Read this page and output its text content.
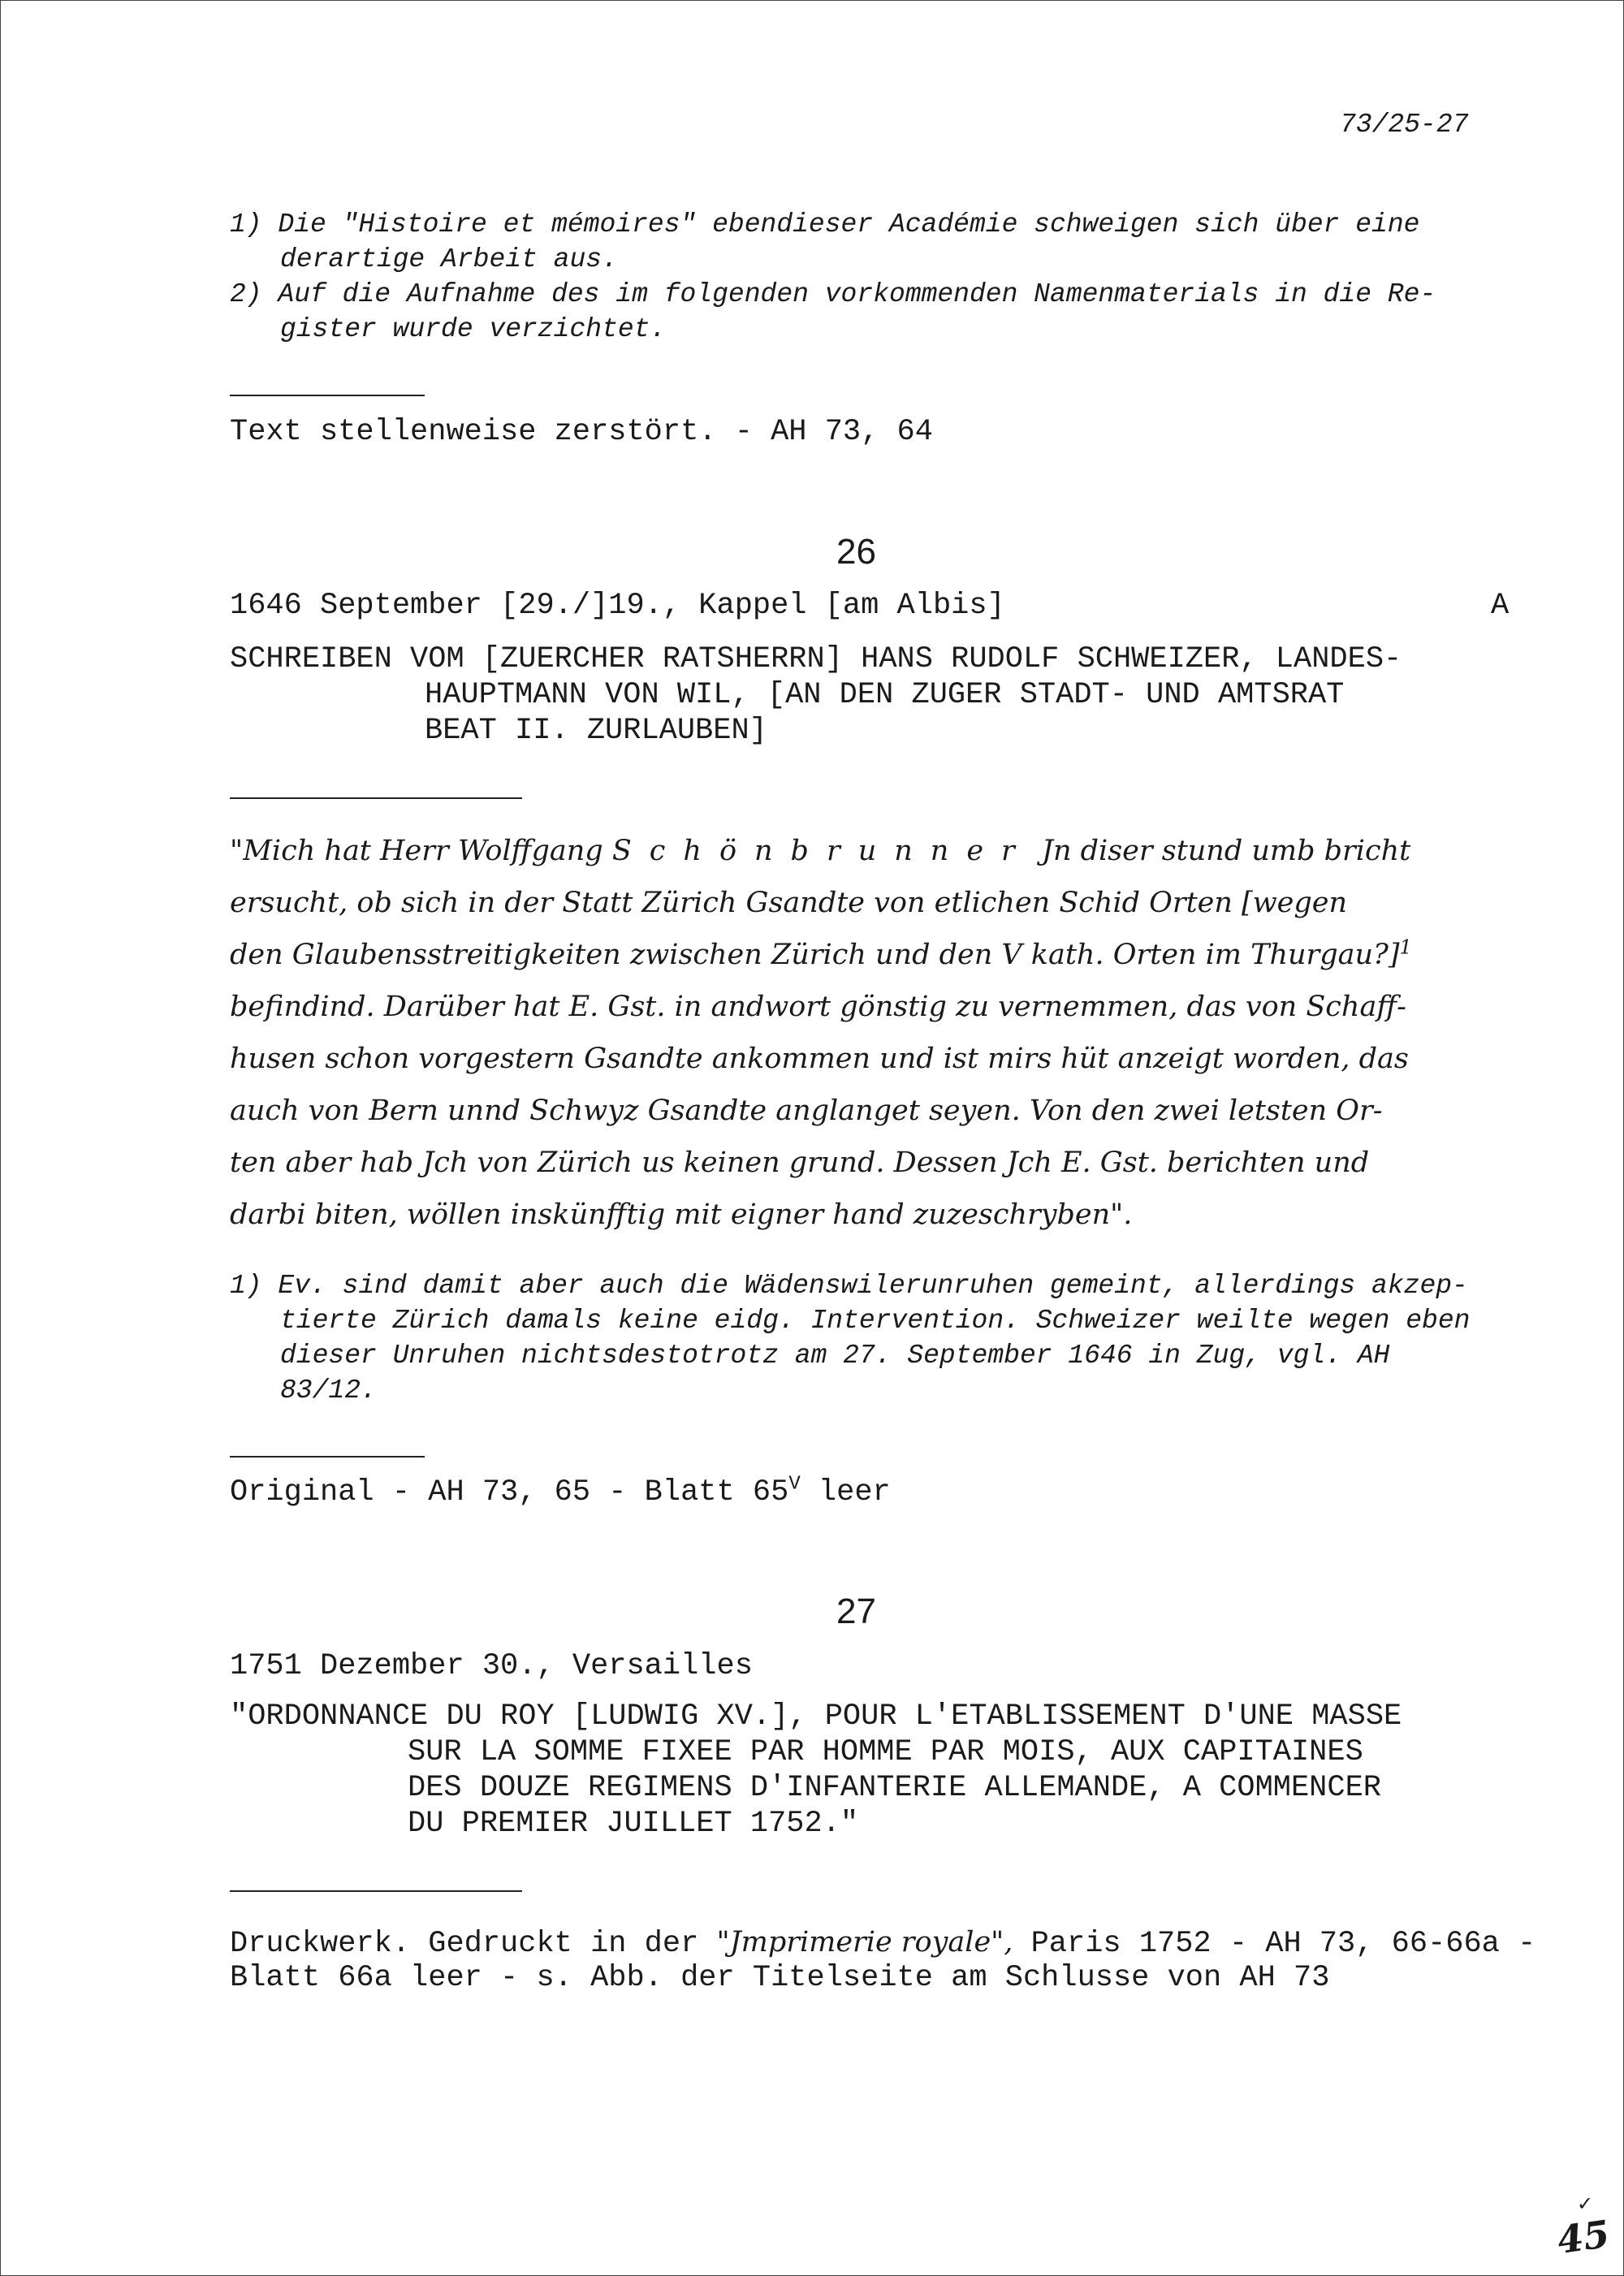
73/25-27
1) Die "Histoire et mémoires" ebendieser Académie schweigen sich über eine
derartige Arbeit aus.
2) Auf die Aufnahme des im folgenden vorkommenden Namenmaterials in die Re-
gister wurde verzichtet.
Text stellenweise zerstört. - AH 73, 64
26
1646 September [29./]19., Kappel [am Albis]	A
SCHREIBEN VOM [ZUERCHER RATSHERRN] HANS RUDOLF SCHWEIZER, LANDES-
HAUPTMANN VON WIL, [AN DEN ZUGER STADT- UND AMTSRAT
BEAT II. ZURLAUBEN]
"Mich hat Herr Wolffgang Schönbrunner Jn diser stund umb bricht
ersucht, ob sich in der Statt Zürich Gsandte von etlichen Schid Orten [wegen
den Glaubensstreitigkeiten zwischen Zürich und den V kath. Orten im Thurgau?]$^1$
befindind. Darüber hat E. Gst. in andwort gönstig zu vernemmen, das von Schaff-
husen schon vorgestern Gsandte ankommen und ist mirs hüt anzeigt worden, das
auch von Bern unnd Schwyz Gsandte anglanget seyen. Von den zwei letsten Or-
ten aber hab Jch von Zürich us keinen grund. Dessen Jch E. Gst. berichten und
darbi biten, wöllen inskünfftig mit eigner hand zuzeschryben".
1) Ev. sind damit aber auch die Wädenswilerunruhen gemeint, allerdings akzep-
tierte Zürich damals keine eidg. Intervention. Schweizer weilte wegen eben
dieser Unruhen nichtsdestotrotz am 27. September 1646 in Zug, vgl. AH
83/12.
Original - AH 73, 65 - Blatt $65^V$ leer
27
1751 Dezember 30., Versailles
"ORDONNANCE DU ROY [LUDWIG XV.], POUR L'ETABLISSEMENT D'UNE MASSE
SUR LA SOMME FIXEE PAR HOMME PAR MOIS, AUX CAPITAINES
DES DOUZE REGIMENS D'INFANTERIE ALLEMANDE, A COMMENCER
DU PREMIER JUILLET 1752."
Druckwerk. Gedruckt in der "Jmprimerie royale", Paris 1752 - AH 73, 66-66a -
Blatt 66a leer - s. Abb. der Titelseite am Schlusse von AH 73
45
✓
